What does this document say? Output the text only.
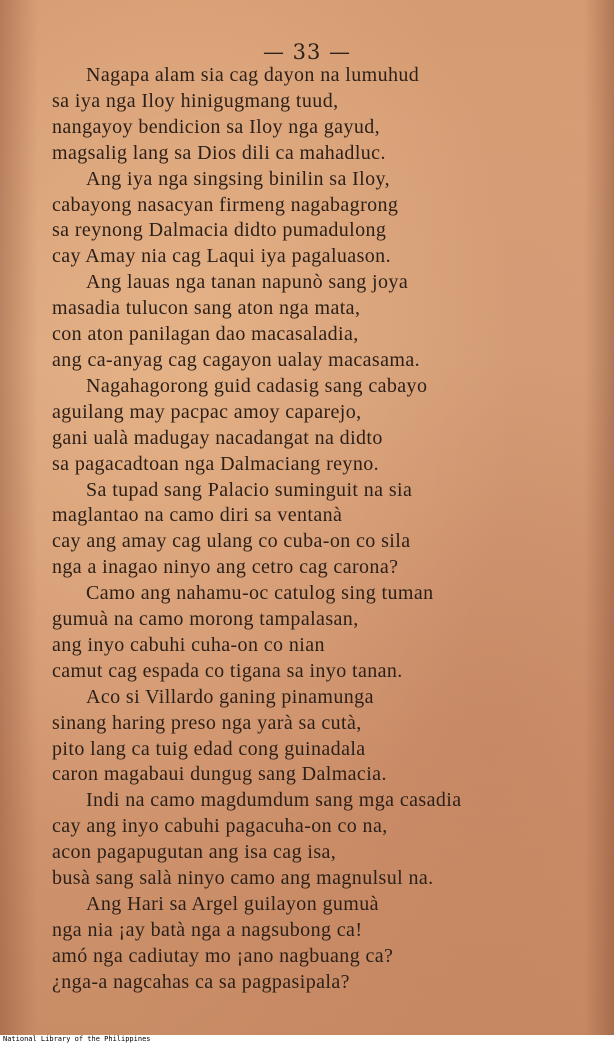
— 33 —
Nagapa alam sia cag dayon na lumuhud
sa iya nga Iloy hinigugmang tuud,
nangayoy bendicion sa Iloy nga gayud,
magsalig lang sa Dios dili ca mahadluc.
Ang iya nga singsing binilin sa Iloy,
cabayong nasacyan firmeng nagabagrong
sa reynong Dalmacia didto pumadulong
cay Amay nia cag Laqui iya pagaluason.
Ang lauas nga tanan napunò sang joya
masadia tulucon sang aton nga mata,
con aton panilagan dao macasaladia,
ang ca-anyag cag cagayon ualay macasama.
Nagahagorong guid cadasig sang cabayo
aguilang may pacpac amoy caparejo,
gani ualà madugay nacadangat na didto
sa pagacadtoan nga Dalmaciang reyno.
Sa tupad sang Palacio suminguit na sia
maglantao na camo diri sa ventanà
cay ang amay cag ulang co cuba-on co sila
nga a inagao ninyo ang cetro cag carona?
Camo ang nahamu-oc catulog sing tuman
gumuà na camo morong tampalasan,
ang inyo cabuhi cuha-on co nian
camut cag espada co tigana sa inyo tanan.
Aco si Villardo ganing pinamunga
sinang haring preso nga yarà sa cutà,
pito lang ca tuig edad cong guinadala
caron magabaui dungug sang Dalmacia.
Indi na camo magdumdum sang mga casadia
cay ang inyo cabuhi pagacuha-on co na,
acon pagapugutan ang isa cag isa,
busà sang salà ninyo camo ang magnulsul na.
Ang Hari sa Argel guilayon gumuà
nga nia ¡ay batà nga a nagsubong ca!
amó nga cadiutay mo ¡ano nagbuang ca?
¿nga-a nagcahas ca sa pagpasipala?
National Library of the Philippines
